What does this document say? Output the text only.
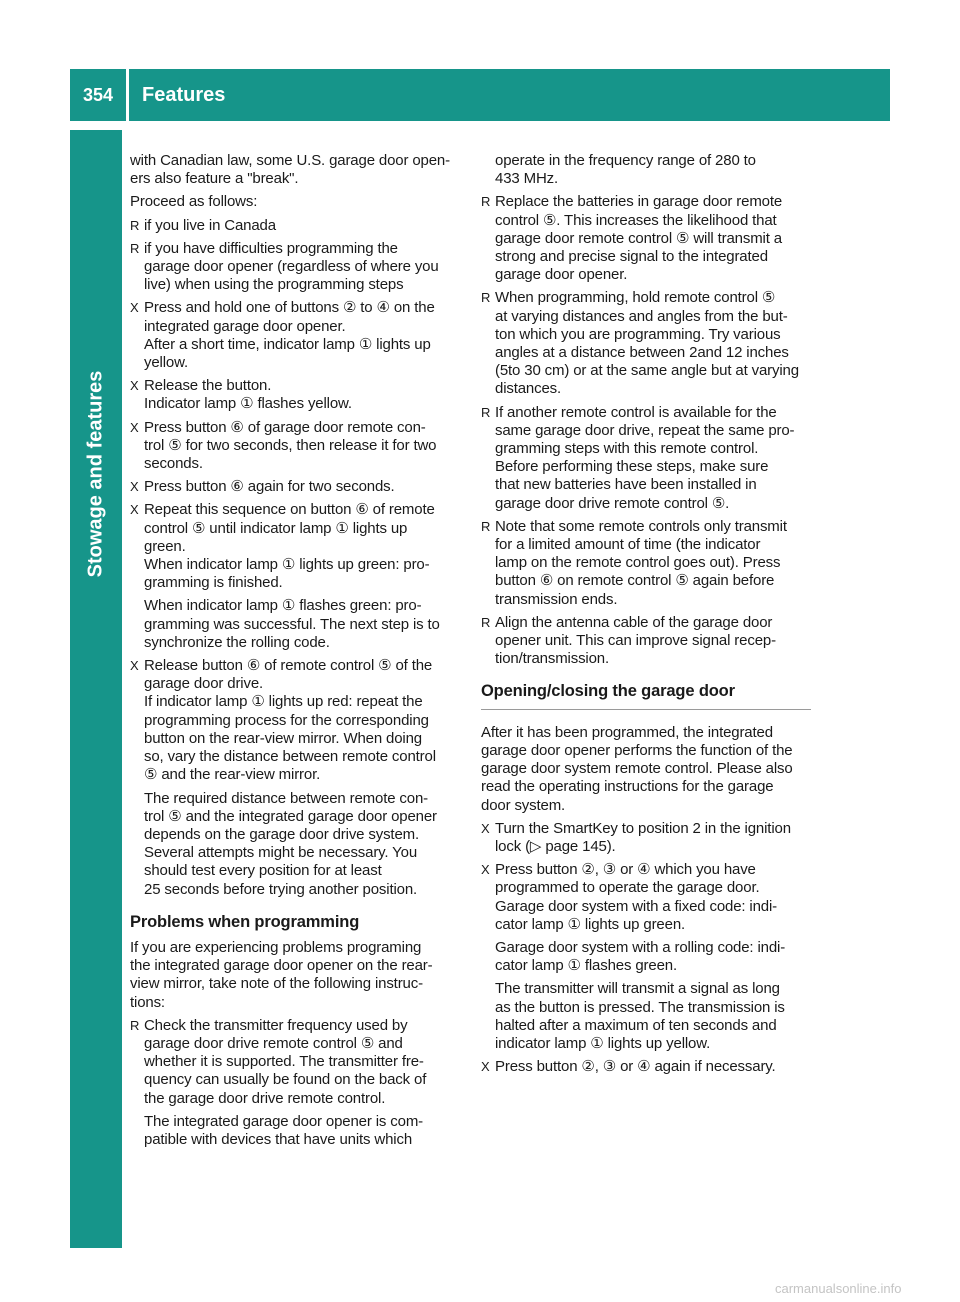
354	Features
Stowage and features
with Canadian law, some U.S. garage door open-
ers also feature a "break".
Proceed as follows:
R if you live in Canada
R if you have difficulties programming the
garage door opener (regardless of where you
live) when using the programming steps
X Press and hold one of buttons ② to ④ on the
integrated garage door opener.
After a short time, indicator lamp ① lights up
yellow.
X Release the button.
Indicator lamp ① flashes yellow.
X Press button ⑥ of garage door remote con-
trol ⑤ for two seconds, then release it for two
seconds.
X Press button ⑥ again for two seconds.
X Repeat this sequence on button ⑥ of remote
control ⑤ until indicator lamp ① lights up
green.
When indicator lamp ① lights up green: pro-
gramming is finished.
When indicator lamp ① flashes green: pro-
gramming was successful. The next step is to
synchronize the rolling code.
X Release button ⑥ of remote control ⑤ of the
garage door drive.
If indicator lamp ① lights up red: repeat the
programming process for the corresponding
button on the rear-view mirror. When doing
so, vary the distance between remote control
⑤ and the rear-view mirror.
The required distance between remote con-
trol ⑤ and the integrated garage door opener
depends on the garage door drive system.
Several attempts might be necessary. You
should test every position for at least
25 seconds before trying another position.
Problems when programming
If you are experiencing problems programing
the integrated garage door opener on the rear-
view mirror, take note of the following instruc-
tions:
R Check the transmitter frequency used by
garage door drive remote control ⑤ and
whether it is supported. The transmitter fre-
quency can usually be found on the back of
the garage door drive remote control.
The integrated garage door opener is com-
patible with devices that have units which
operate in the frequency range of 280 to
433 MHz.
R Replace the batteries in garage door remote
control ⑤. This increases the likelihood that
garage door remote control ⑤ will transmit a
strong and precise signal to the integrated
garage door opener.
R When programming, hold remote control ⑤
at varying distances and angles from the but-
ton which you are programming. Try various
angles at a distance between 2and 12 inches
(5to 30 cm) or at the same angle but at varying
distances.
R If another remote control is available for the
same garage door drive, repeat the same pro-
gramming steps with this remote control.
Before performing these steps, make sure
that new batteries have been installed in
garage door drive remote control ⑤.
R Note that some remote controls only transmit
for a limited amount of time (the indicator
lamp on the remote control goes out). Press
button ⑥ on remote control ⑤ again before
transmission ends.
R Align the antenna cable of the garage door
opener unit. This can improve signal recep-
tion/transmission.
Opening/closing the garage door
After it has been programmed, the integrated
garage door opener performs the function of the
garage door system remote control. Please also
read the operating instructions for the garage
door system.
X Turn the SmartKey to position 2 in the ignition
lock (▷ page 145).
X Press button ②, ③ or ④ which you have
programmed to operate the garage door.
Garage door system with a fixed code: indi-
cator lamp ① lights up green.
Garage door system with a rolling code: indi-
cator lamp ① flashes green.
The transmitter will transmit a signal as long
as the button is pressed. The transmission is
halted after a maximum of ten seconds and
indicator lamp ① lights up yellow.
X Press button ②, ③ or ④ again if necessary.
carmanualsonline.info
